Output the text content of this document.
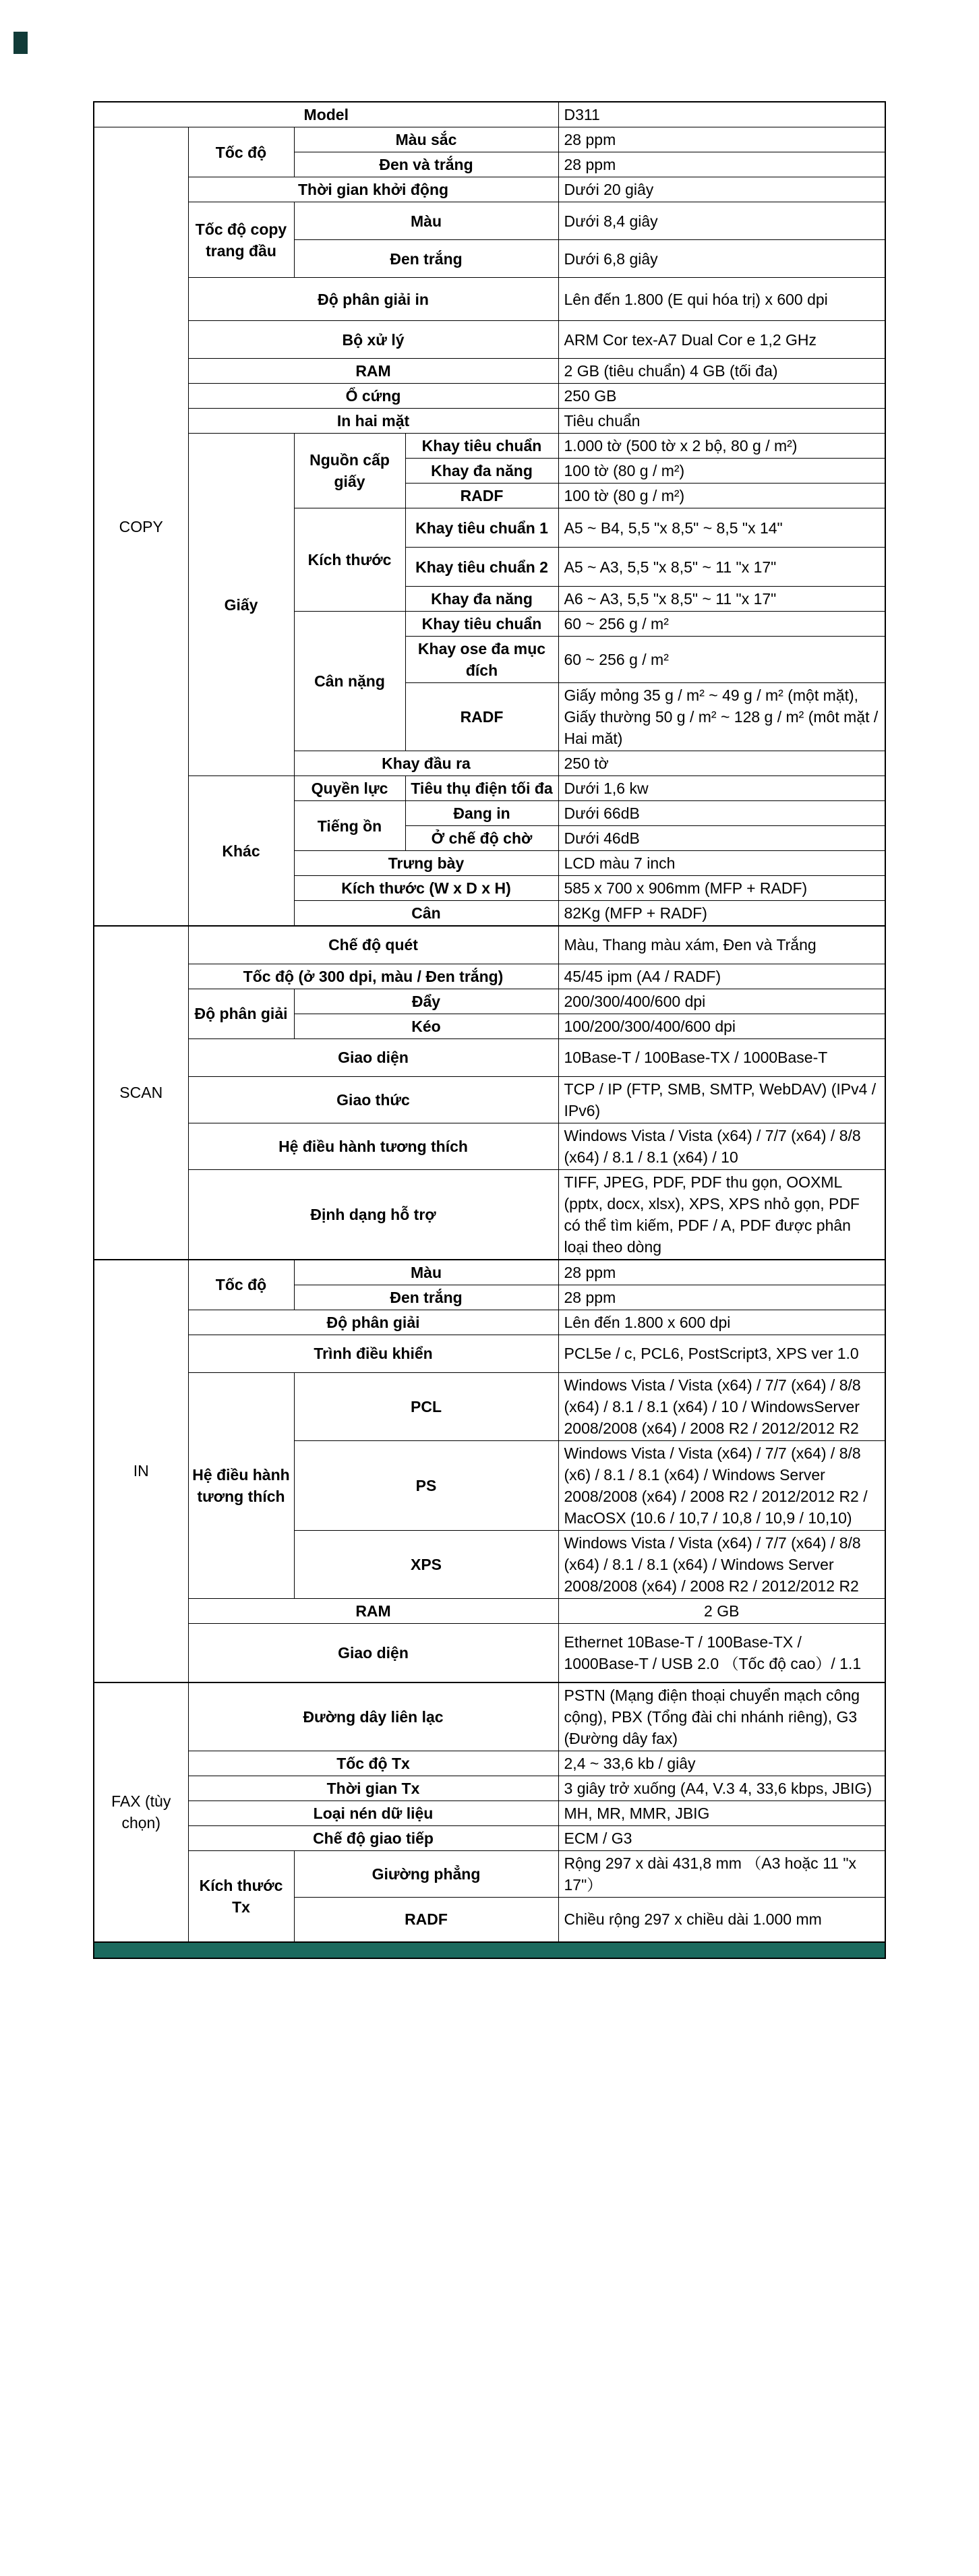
Model				D311
COPY	Tốc độ	Màu sắc		28 ppm
		Đen và trắng		28 ppm
	Thời gian khởi động			Dưới 20 giây
	Tốc độ copy trang đầu	Màu		Dưới 8,4 giây
		Đen trắng		Dưới 6,8 giây
	Độ phân giải in			Lên đến 1.800 (E qui hóa trị) x 600 dpi
	Bộ xử lý			ARM Cor tex-A7 Dual Cor e 1,2 GHz
	RAM			2 GB (tiêu chuẩn) 4 GB (tối đa)
	Ổ cứng			250 GB
	In hai mặt			Tiêu chuẩn
	Giấy	Nguồn cấp giấy	Khay tiêu chuẩn	1.000 tờ (500 tờ x 2 bộ, 80 g / m²)
			Khay đa năng	100 tờ (80 g / m²)
			RADF	100 tờ (80 g / m²)
		Kích thước	Khay tiêu chuẩn 1	A5 ~ B4, 5,5 "x 8,5" ~ 8,5 "x 14"
			Khay tiêu chuẩn 2	A5 ~ A3, 5,5 "x 8,5" ~ 11 "x 17"
			Khay đa năng	A6 ~ A3, 5,5 "x 8,5" ~ 11 "x 17"
		Cân nặng	Khay tiêu chuẩn	60 ~ 256 g / m²
			Khay ose đa mục đích	60 ~ 256 g / m²
			RADF	Giấy mỏng 35 g / m² ~ 49 g / m² (một mặt), Giấy thường 50 g / m² ~ 128 g / m² (môt mặt / Hai măt)
		Khay đầu ra		250 tờ
	Khác	Quyền lực	Tiêu thụ điện tối đa	Dưới 1,6 kw
		Tiếng ồn	Đang in	Dưới 66dB
			Ở chế độ chờ	Dưới 46dB
		Trưng bày		LCD màu 7 inch
		Kích thước (W x D x H)		585 x 700 x 906mm (MFP + RADF)
		Cân		82Kg (MFP + RADF)
SCAN	Chế độ quét			Màu, Thang màu xám, Đen và Trắng
	Tốc độ (ở 300 dpi, màu / Đen trắng)			45/45 ipm (A4 / RADF)
	Độ phân giải	Đẩy		200/300/400/600 dpi
		Kéo		100/200/300/400/600 dpi
	Giao diện			10Base-T / 100Base-TX / 1000Base-T
	Giao thức			TCP / IP (FTP, SMB, SMTP, WebDAV) (IPv4 / IPv6)
	Hệ điều hành tương thích			Windows Vista / Vista (x64) / 7/7 (x64) / 8/8 (x64) / 8.1 / 8.1 (x64) / 10
	Định dạng hỗ trợ			TIFF, JPEG, PDF, PDF thu gọn, OOXML (pptx, docx, xlsx), XPS, XPS nhỏ gọn, PDF có thể tìm kiếm, PDF / A, PDF được phân loại theo dòng
IN	Tốc độ	Màu		28 ppm
		Đen trắng		28 ppm
	Độ phân giải			Lên đến 1.800 x 600 dpi
	Trình điều khiển			PCL5e / c, PCL6, PostScript3, XPS ver 1.0
	Hệ điều hành tương thích	PCL		Windows Vista / Vista (x64) / 7/7 (x64) / 8/8 (x64) / 8.1 / 8.1 (x64) / 10 / WindowsServer 2008/2008 (x64) / 2008 R2 / 2012/2012 R2
		PS		Windows Vista / Vista (x64) / 7/7 (x64) / 8/8 (x6) / 8.1 / 8.1 (x64) / Windows Server 2008/2008 (x64) / 2008 R2 / 2012/2012 R2 / MacOSX (10.6 / 10,7 / 10,8 / 10,9 / 10,10)
		XPS		Windows Vista / Vista (x64) / 7/7 (x64) / 8/8 (x64) / 8.1 / 8.1 (x64) / Windows Server 2008/2008 (x64) / 2008 R2 / 2012/2012 R2
	RAM			2 GB
	Giao diện			Ethernet 10Base-T / 100Base-TX / 1000Base-T / USB 2.0 （Tốc độ cao）/ 1.1
FAX (tùy chọn)	Đường dây liên lạc			PSTN (Mạng điện thoại chuyển mạch công cộng), PBX (Tổng đài chi nhánh riêng), G3 (Đường dây fax)
	Tốc độ Tx			2,4 ~ 33,6 kb / giây
	Thời gian Tx			3 giây trở xuống (A4, V.3 4, 33,6 kbps, JBIG)
	Loại nén dữ liệu			MH, MR, MMR, JBIG
	Chế độ giao tiếp			ECM / G3
	Kích thước Tx	Giường phẳng		Rộng 297 x dài 431,8 mm （A3 hoặc 11 "x 17"）
		RADF		Chiều rộng 297 x chiều dài 1.000 mm
